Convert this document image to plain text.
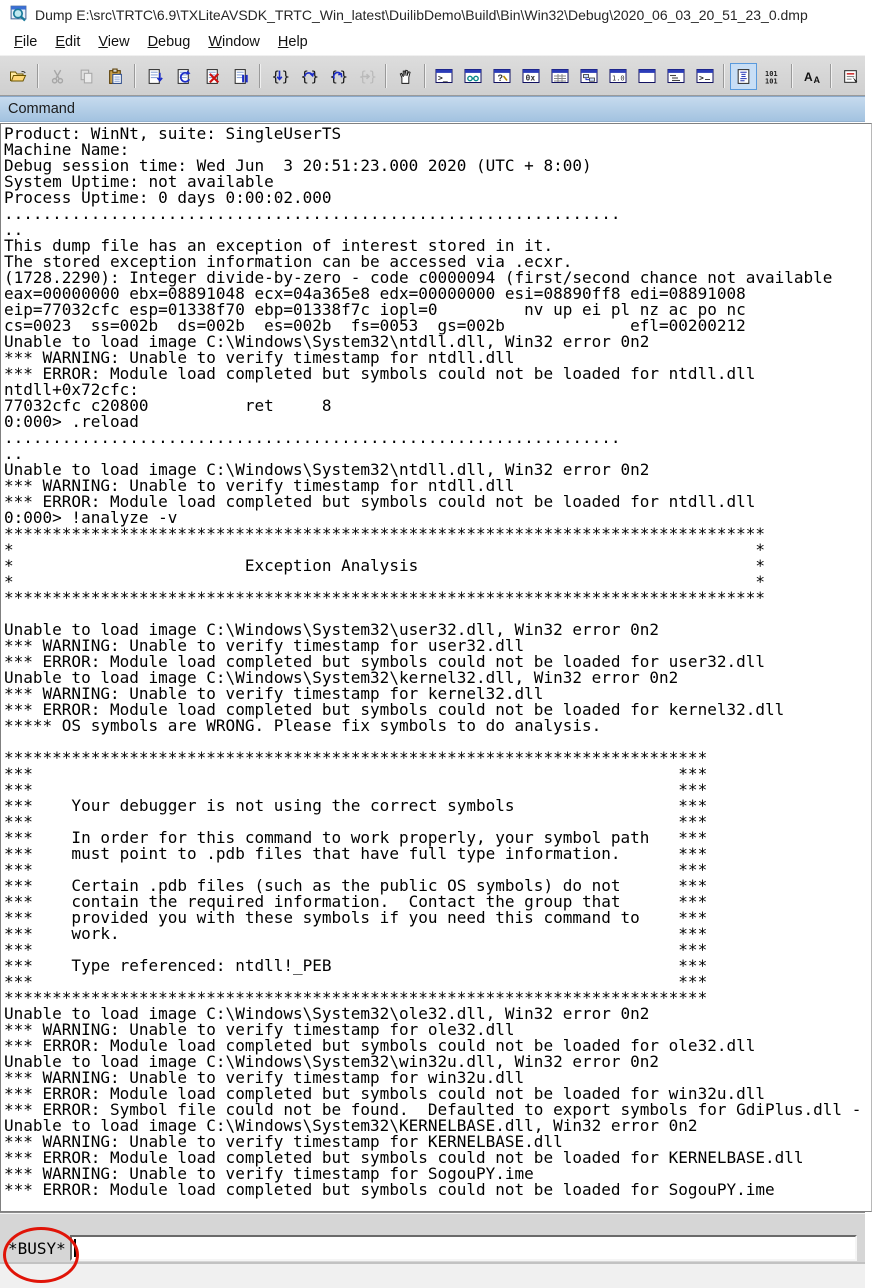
Dump E:\src\TRTC\6.9\TXLiteAVSDK_TRTC_Win_latest\DuilibDemo\Build\Bin\Win32\Debug\2020_06_03_20_51_23_0.dmp
File	Edit	View	Debug	Window	Help
{ } { } { } { }	>_	?	0x	1.0	>	101
101 A A
Command
Product: WinNt, suite: SingleUserTS
Machine Name:
Debug session time: Wed Jun  3 20:51:23.000 2020 (UTC + 8:00)
System Uptime: not available
Process Uptime: 0 days 0:00:02.000
................................................................
..
This dump file has an exception of interest stored in it.
The stored exception information can be accessed via .ecxr.
(1728.2290): Integer divide-by-zero - code c0000094 (first/second chance not available
eax=00000000 ebx=08891048 ecx=04a365e8 edx=00000000 esi=08890ff8 edi=08891008
eip=77032cfc esp=01338f70 ebp=01338f7c iopl=0         nv up ei pl nz ac po nc
cs=0023  ss=002b  ds=002b  es=002b  fs=0053  gs=002b             efl=00200212
Unable to load image C:\Windows\System32\ntdll.dll, Win32 error 0n2
*** WARNING: Unable to verify timestamp for ntdll.dll
*** ERROR: Module load completed but symbols could not be loaded for ntdll.dll
ntdll+0x72cfc:
77032cfc c20800          ret     8
0:000> .reload
................................................................
..
Unable to load image C:\Windows\System32\ntdll.dll, Win32 error 0n2
*** WARNING: Unable to verify timestamp for ntdll.dll
*** ERROR: Module load completed but symbols could not be loaded for ntdll.dll
0:000> !analyze -v
*******************************************************************************
*                                                                             *
*                        Exception Analysis                                   *
*                                                                             *
*******************************************************************************

Unable to load image C:\Windows\System32\user32.dll, Win32 error 0n2
*** WARNING: Unable to verify timestamp for user32.dll
*** ERROR: Module load completed but symbols could not be loaded for user32.dll
Unable to load image C:\Windows\System32\kernel32.dll, Win32 error 0n2
*** WARNING: Unable to verify timestamp for kernel32.dll
*** ERROR: Module load completed but symbols could not be loaded for kernel32.dll
***** OS symbols are WRONG. Please fix symbols to do analysis.

*************************************************************************
***                                                                   ***
***                                                                   ***
***    Your debugger is not using the correct symbols                 ***
***                                                                   ***
***    In order for this command to work properly, your symbol path   ***
***    must point to .pdb files that have full type information.      ***
***                                                                   ***
***    Certain .pdb files (such as the public OS symbols) do not      ***
***    contain the required information.  Contact the group that      ***
***    provided you with these symbols if you need this command to    ***
***    work.                                                          ***
***                                                                   ***
***    Type referenced: ntdll!_PEB                                    ***
***                                                                   ***
*************************************************************************
Unable to load image C:\Windows\System32\ole32.dll, Win32 error 0n2
*** WARNING: Unable to verify timestamp for ole32.dll
*** ERROR: Module load completed but symbols could not be loaded for ole32.dll
Unable to load image C:\Windows\System32\win32u.dll, Win32 error 0n2
*** WARNING: Unable to verify timestamp for win32u.dll
*** ERROR: Module load completed but symbols could not be loaded for win32u.dll
*** ERROR: Symbol file could not be found.  Defaulted to export symbols for GdiPlus.dll -
Unable to load image C:\Windows\System32\KERNELBASE.dll, Win32 error 0n2
*** WARNING: Unable to verify timestamp for KERNELBASE.dll
*** ERROR: Module load completed but symbols could not be loaded for KERNELBASE.dll
*** WARNING: Unable to verify timestamp for SogouPY.ime
*** ERROR: Module load completed but symbols could not be loaded for SogouPY.ime
*BUSY*
